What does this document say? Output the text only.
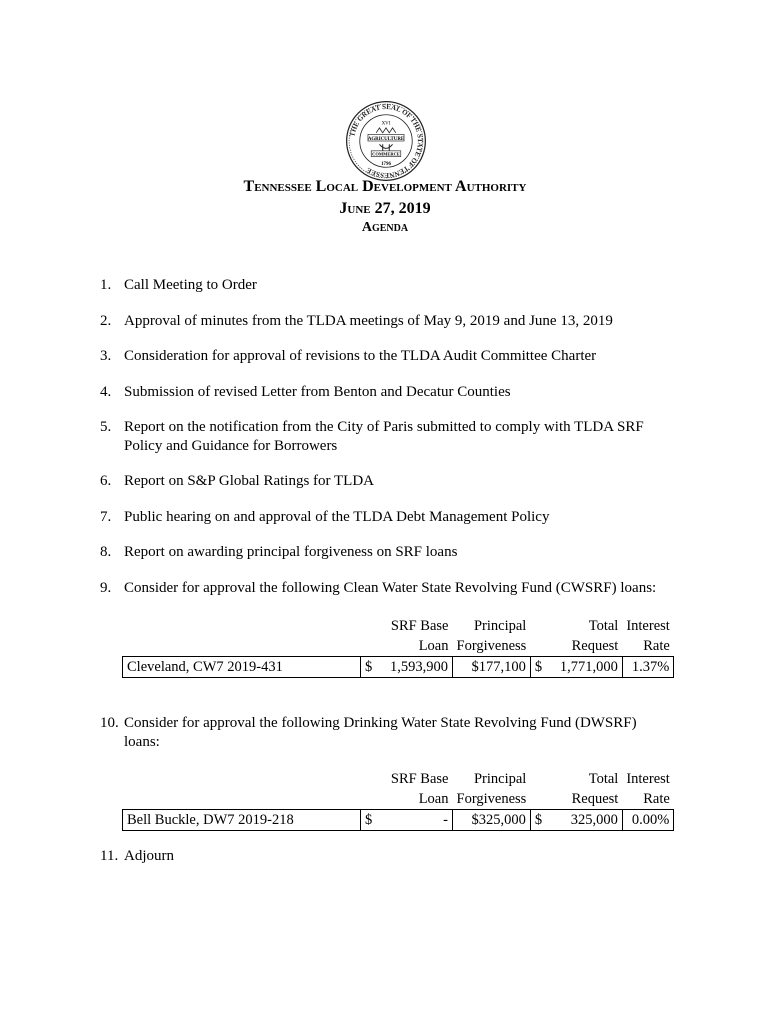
THE GREAT SEAL OF THE STATE OF TENNESSEE
XVI
AGRICULTURE
COMMERCE
1796
Tennessee Local Development Authority
June 27, 2019
Agenda
1. Call Meeting to Order
2. Approval of minutes from the TLDA meetings of May 9, 2019 and June 13, 2019
3. Consideration for approval of revisions to the TLDA Audit Committee Charter
4. Submission of revised Letter from Benton and Decatur Counties
5. Report on the notification from the City of Paris submitted to comply with TLDA SRF Policy and Guidance for Borrowers
6. Report on S&P Global Ratings for TLDA
7. Public hearing on and approval of the TLDA Debt Management Policy
8. Report on awarding principal forgiveness on SRF loans
9. Consider for approval the following Clean Water State Revolving Fund (CWSRF) loans:
	SRF Base	Principal	Total	Interest
	Loan	Forgiveness	Request	Rate
Cleveland, CW7 2019-431	$ 1,593,900	$177,100	$ 1,771,000	1.37%
10. Consider for approval the following Drinking Water State Revolving Fund (DWSRF) loans:
	SRF Base	Principal	Total	Interest
	Loan	Forgiveness	Request	Rate
Bell Buckle, DW7 2019-218	$ -	$325,000	$ 325,000	0.00%
11. Adjourn
